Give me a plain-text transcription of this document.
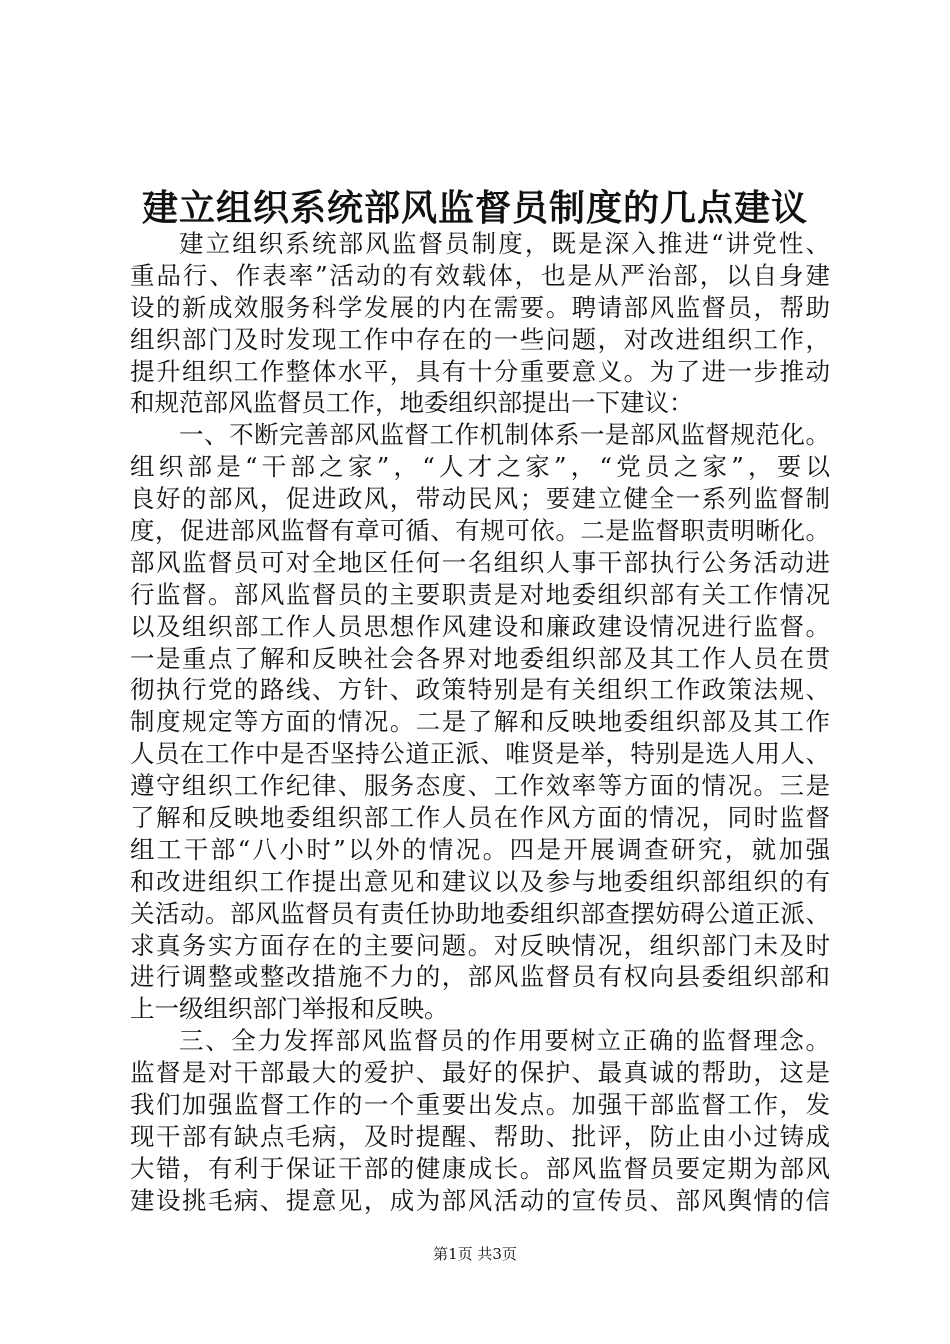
建立组织系统部风监督员制度的几点建议
建立组织系统部风监督员制度，既是深入推进“讲党性、
重品行、作表率”活动的有效载体，也是从严治部，以自身建
设的新成效服务科学发展的内在需要。聘请部风监督员，帮助
组织部门及时发现工作中存在的一些问题，对改进组织工作，
提升组织工作整体水平，具有十分重要意义。为了进一步推动
和规范部风监督员工作，地委组织部提出一下建议：
一、不断完善部风监督工作机制体系一是部风监督规范化。
组织部是“干部之家”，“人才之家”，“党员之家”，要以
良好的部风，促进政风，带动民风；要建立健全一系列监督制
度，促进部风监督有章可循、有规可依。二是监督职责明晰化。
部风监督员可对全地区任何一名组织人事干部执行公务活动进
行监督。部风监督员的主要职责是对地委组织部有关工作情况
以及组织部工作人员思想作风建设和廉政建设情况进行监督。
一是重点了解和反映社会各界对地委组织部及其工作人员在贯
彻执行党的路线、方针、政策特别是有关组织工作政策法规、
制度规定等方面的情况。二是了解和反映地委组织部及其工作
人员在工作中是否坚持公道正派、唯贤是举，特别是选人用人、
遵守组织工作纪律、服务态度、工作效率等方面的情况。三是
了解和反映地委组织部工作人员在作风方面的情况，同时监督
组工干部“八小时”以外的情况。四是开展调查研究，就加强
和改进组织工作提出意见和建议以及参与地委组织部组织的有
关活动。部风监督员有责任协助地委组织部查摆妨碍公道正派、
求真务实方面存在的主要问题。对反映情况，组织部门未及时
进行调整或整改措施不力的，部风监督员有权向县委组织部和
上一级组织部门举报和反映。
三、全力发挥部风监督员的作用要树立正确的监督理念。
监督是对干部最大的爱护、最好的保护、最真诚的帮助，这是
我们加强监督工作的一个重要出发点。加强干部监督工作，发
现干部有缺点毛病，及时提醒、帮助、批评，防止由小过铸成
大错，有利于保证干部的健康成长。部风监督员要定期为部风
建设挑毛病、提意见，成为部风活动的宣传员、部风舆情的信
第1页 共3页
